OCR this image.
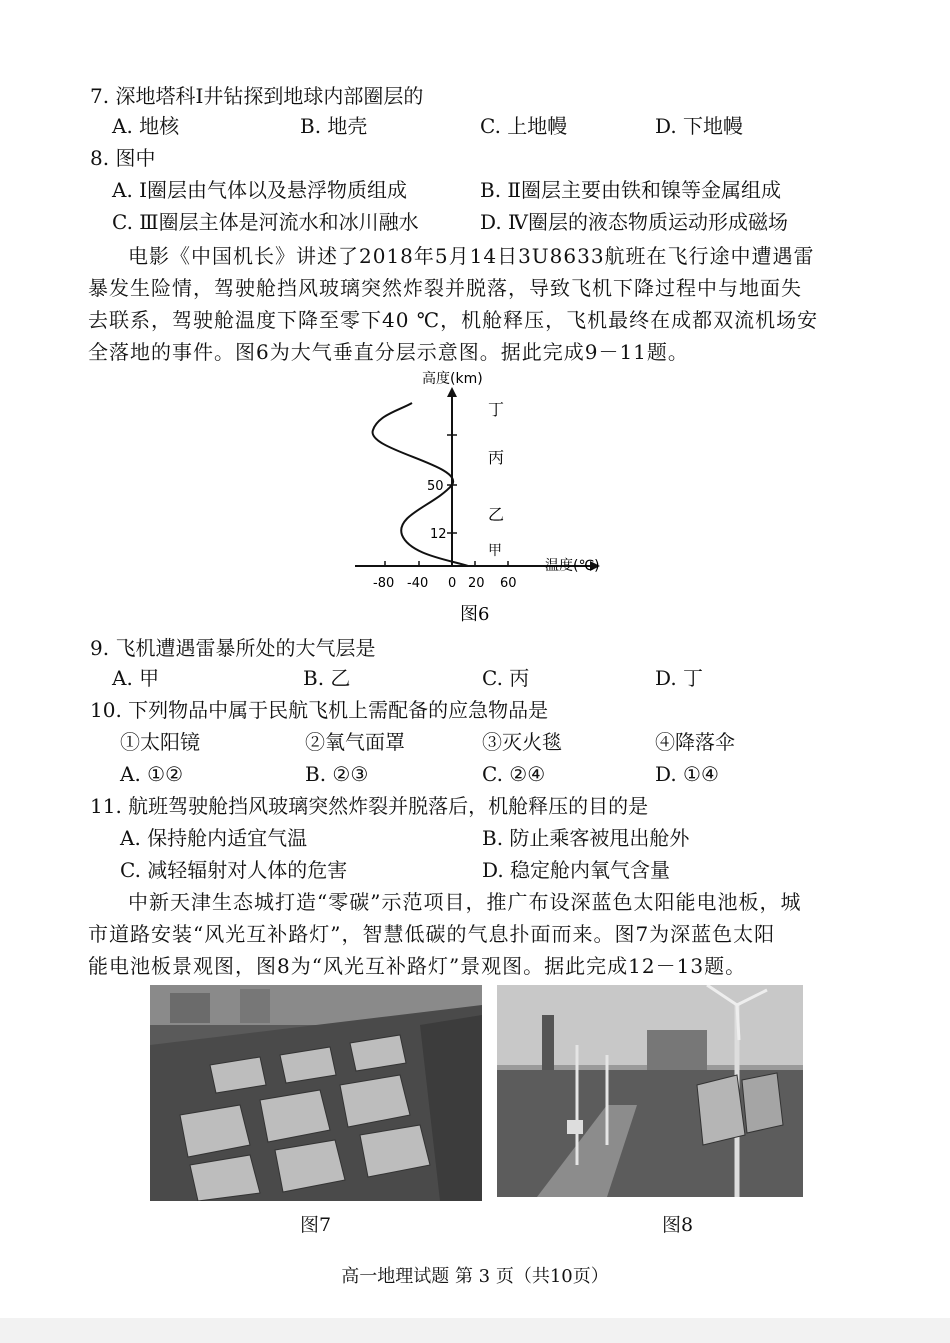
7. 深地塔科Ⅰ井钻探到地球内部圈层的
A. 地核	B. 地壳	C. 上地幔	D. 下地幔
8. 图中
A. Ⅰ圈层由气体以及悬浮物质组成	B. Ⅱ圈层主要由铁和镍等金属组成
C. Ⅲ圈层主体是河流水和冰川融水	D. Ⅳ圈层的液态物质运动形成磁场
电影《中国机长》讲述了2018年5月14日3U8633航班在飞行途中遭遇雷
暴发生险情，驾驶舱挡风玻璃突然炸裂并脱落，导致飞机下降过程中与地面失
去联系，驾驶舱温度下降至零下40 ℃，机舱释压，飞机最终在成都双流机场安
全落地的事件。图6为大气垂直分层示意图。据此完成9－11题。
高度(km)
温度(℃)
50
12
-80 -40 0 20 60
甲
乙
丙
丁
图6
9. 飞机遭遇雷暴所处的大气层是
A. 甲	B. 乙	C. 丙	D. 丁
10. 下列物品中属于民航飞机上需配备的应急物品是
①太阳镜	②氧气面罩	③灭火毯	④降落伞
A. ①②	B. ②③	C. ②④	D. ①④
11. 航班驾驶舱挡风玻璃突然炸裂并脱落后，机舱释压的目的是
A. 保持舱内适宜气温	B. 防止乘客被甩出舱外
C. 减轻辐射对人体的危害	D. 稳定舱内氧气含量
中新天津生态城打造“零碳”示范项目，推广布设深蓝色太阳能电池板，城
市道路安装“风光互补路灯”，智慧低碳的气息扑面而来。图7为深蓝色太阳
能电池板景观图，图8为“风光互补路灯”景观图。据此完成12－13题。
图7	图8
高一地理试题 第 3 页（共10页）
